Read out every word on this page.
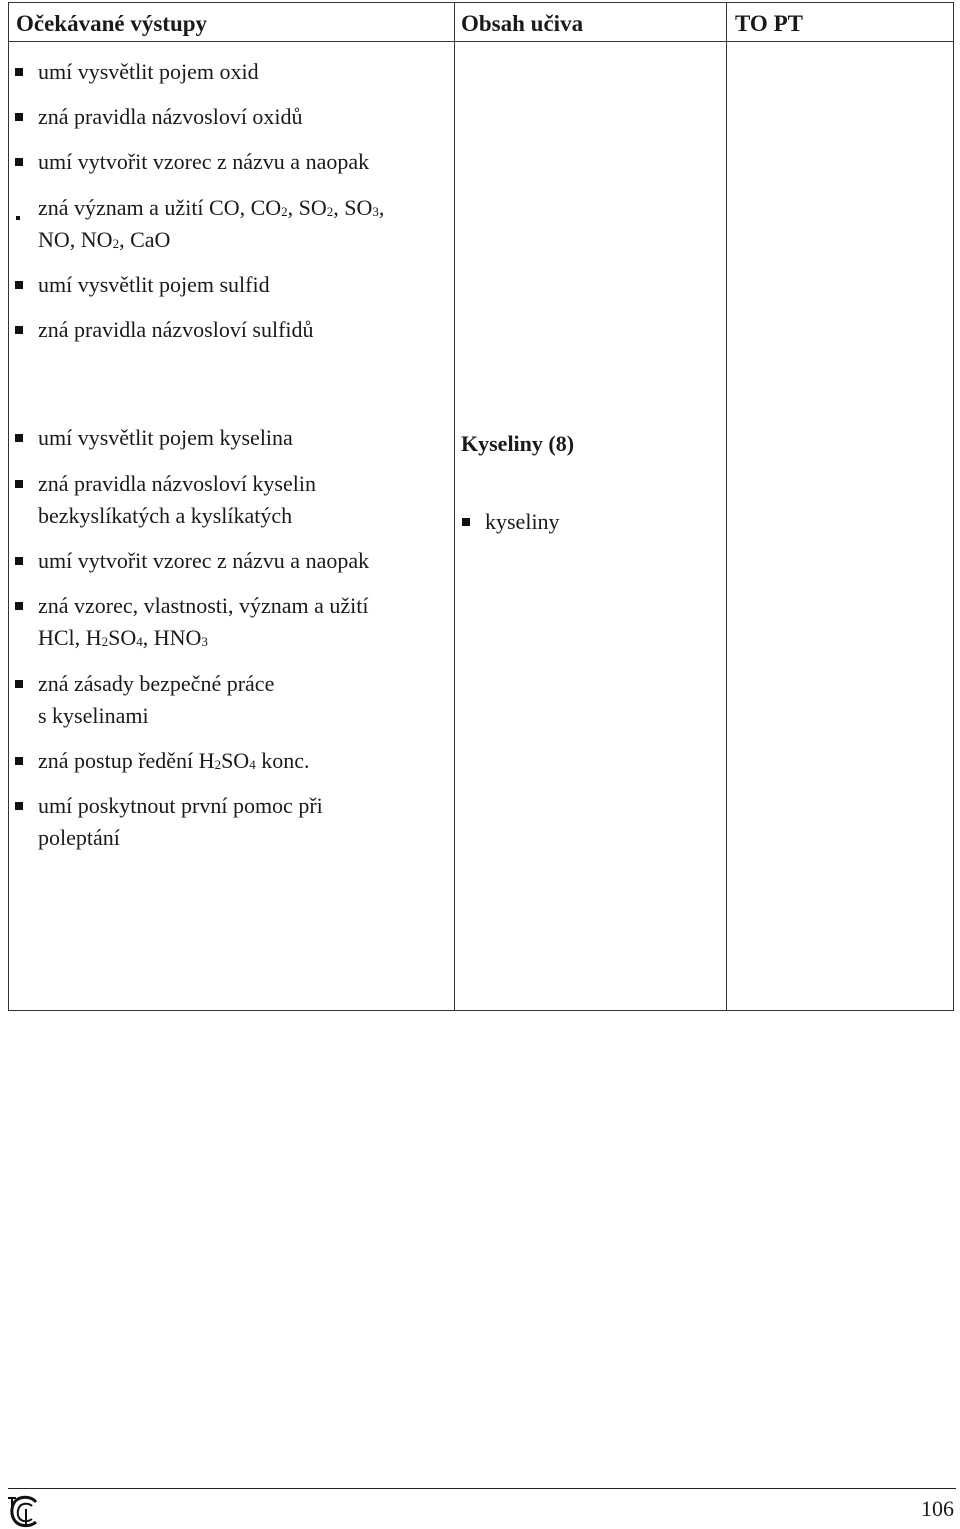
Očekávané výstupy	Obsah učiva	TO PT
umí vysvětlit pojem oxid
zná pravidla názvosloví oxidů
umí vytvořit vzorec z názvu a naopak
zná význam a užití CO, $CO_2$, $SO_2$, $SO_3$,
NO, $NO_2$, CaO
umí vysvětlit pojem sulfid
zná pravidla názvosloví sulfidů
umí vysvětlit pojem kyselina
zná pravidla názvosloví kyselin
bezkyslíkatých a kyslíkatých
umí vytvořit vzorec z názvu a naopak
zná vzorec, vlastnosti, význam a užití
HCl, $H_2SO_4$, $HNO_3$
zná zásady bezpečné práce
s kyselinami
zná postup ředění $H_2SO_4$ konc.
umí poskytnout první pomoc při
poleptání
Kyseliny (8)
kyseliny
106
